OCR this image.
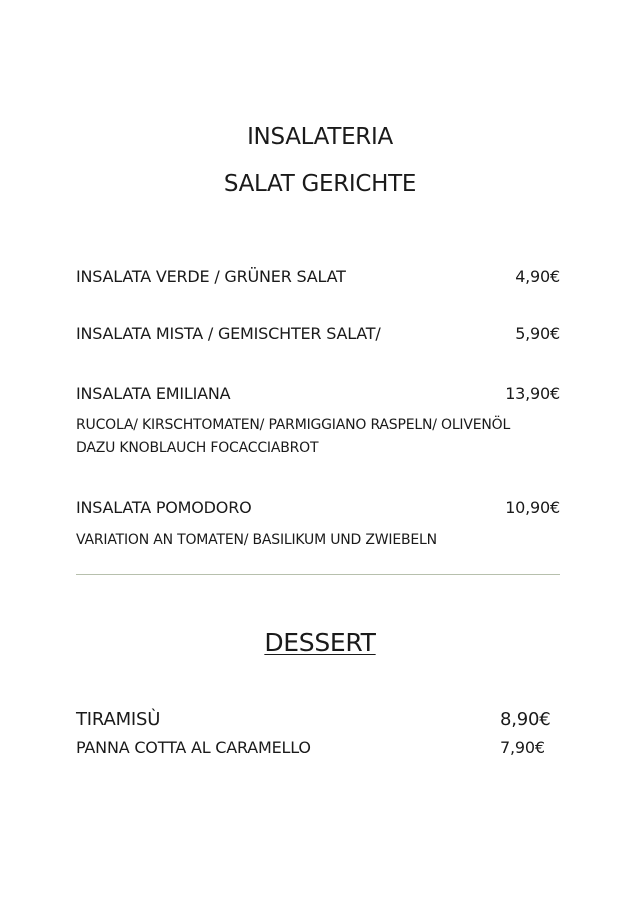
INSALATERIA
SALAT GERICHTE
INSALATA VERDE / GRÜNER SALAT	4,90€
INSALATA MISTA / GEMISCHTER SALAT/	5,90€
INSALATA EMILIANA	13,90€
RUCOLA/ KIRSCHTOMATEN/ PARMIGGIANO RASPELN/ OLIVENÖL
DAZU KNOBLAUCH FOCACCIABROT
INSALATA POMODORO	10,90€
VARIATION AN TOMATEN/ BASILIKUM UND ZWIEBELN
DESSERT
TIRAMISÙ	8,90€
PANNA COTTA AL CARAMELLO	7,90€
